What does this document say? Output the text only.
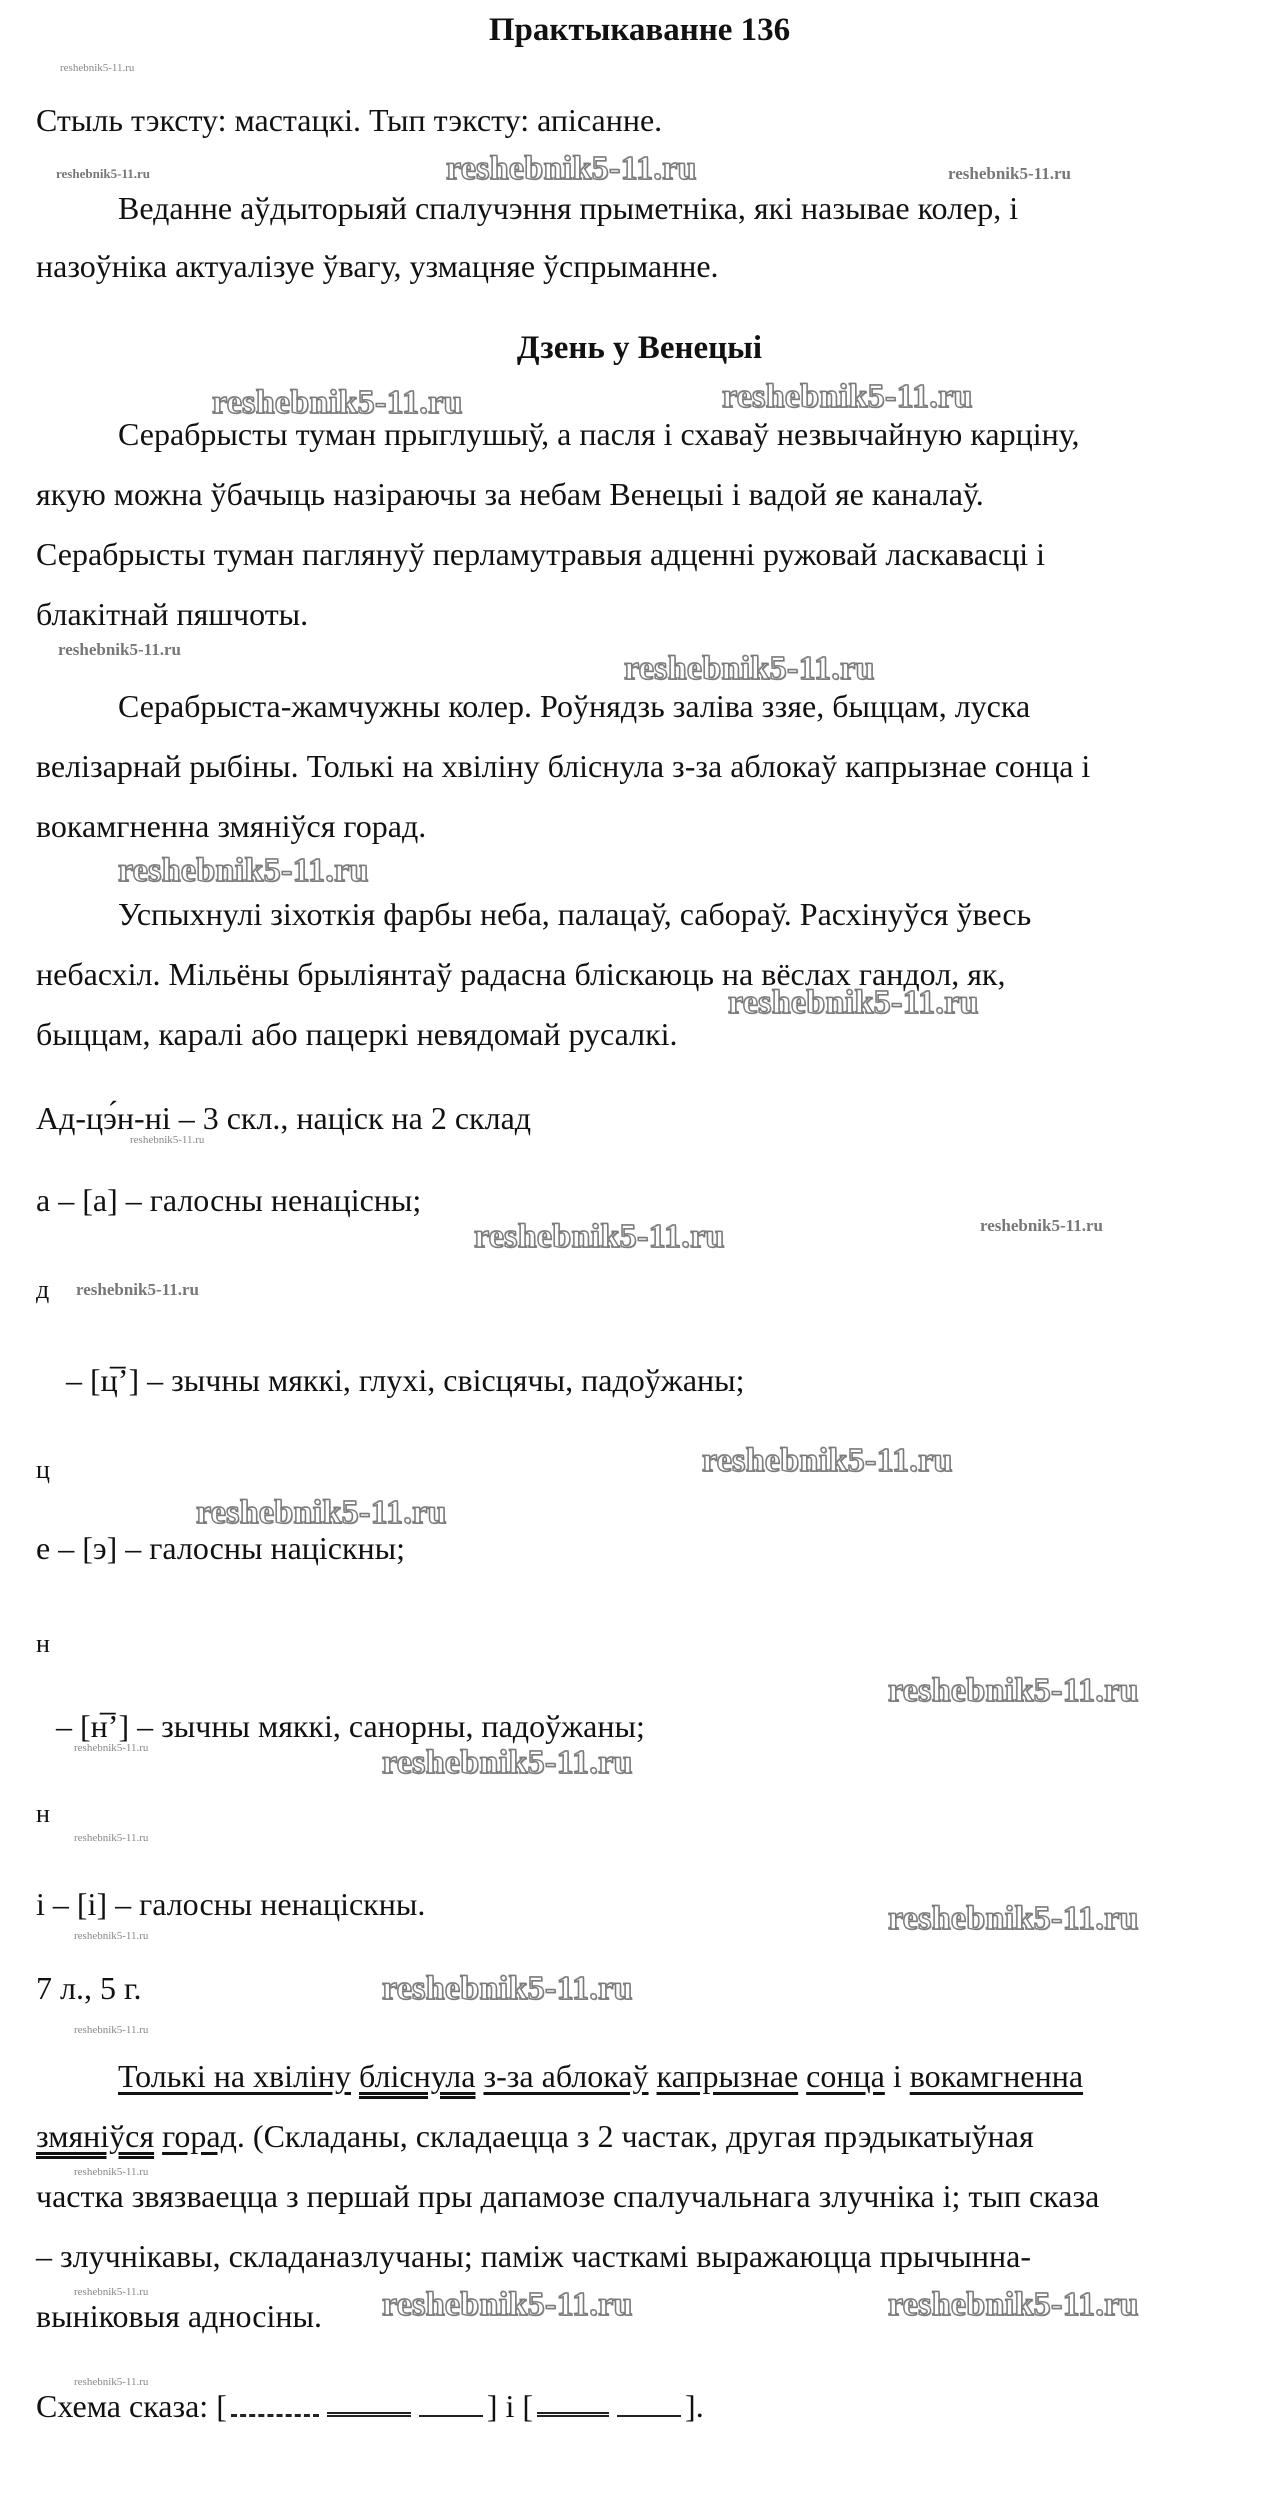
Практыкаванне 136
Стыль тэксту: мастацкі. Тып тэксту: апісанне.
Веданне аўдыторыяй спалучэння прыметніка, які называе колер, і
назоўніка актуалізуе ўвагу, узмацняе ўспрыманне.
Дзень у Венецыі
Серабрысты туман прыглушыў, а пасля і схаваў незвычайную карціну,
якую можна ўбачыць назіраючы за небам Венецыі і вадой яе каналаў.
Серабрысты туман паглянуў перламутравыя адценні ружовай ласкавасці і
блакітнай пяшчоты.
Серабрыста-жамчужны колер. Роўнядзь заліва ззяе, быццам, луска
велізарнай рыбіны. Толькі на хвіліну бліснула з-за аблокаў капрызнае сонца і
вокамгненна змяніўся горад.
Успыхнулі зіхоткія фарбы неба, палацаў, сабораў. Расхінуўся ўвесь
небасхіл. Мільёны брыліянтаў радасна бліскаюць на вёслах гандол, як,
быццам, каралі або пацеркі невядомай русалкі.
Ад-цэ́н-ні – 3 скл., націск на 2 склад
а – [а] – галосны ненаціcны;
д
– [ц̅’] – зычны мяккі, глухі, свісцячы, падоўжаны;
ц
е – [э] – галосны націскны;
н
– [н̅’] – зычны мяккі, санорны, падоўжаны;
н
і – [і] – галосны ненаціскны.
7 л., 5 г.
Толькі на хвіліну бліснула з-за аблокаў капрызнае сонца і вокамгненна
змяніўся горад. (Складаны, складаецца з 2 частак, другая прэдыкатыўная
частка звязваецца з першай пры дапамозе спалучальнага злучніка і; тып сказа
– злучнікавы, складаназлучаны; паміж часткамі выражаюцца прычынна-
выніковыя адносіны.
Схема сказа: [	] і [	].
reshebnik5-11.ru
reshebnik5-11.ru	reshebnik5-11.ru	reshebnik5-11.ru
reshebnik5-11.ru	reshebnik5-11.ru
reshebnik5-11.ru
reshebnik5-11.ru
reshebnik5-11.ru
reshebnik5-11.ru
reshebnik5-11.ru
reshebnik5-11.ru	reshebnik5-11.ru
reshebnik5-11.ru
reshebnik5-11.ru
reshebnik5-11.ru
reshebnik5-11.ru
reshebnik5-11.ru	reshebnik5-11.ru
reshebnik5-11.ru
reshebnik5-11.ru
reshebnik5-11.ru
reshebnik5-11.ru
reshebnik5-11.ru
reshebnik5-11.ru
reshebnik5-11.ru	reshebnik5-11.ru	reshebnik5-11.ru
reshebnik5-11.ru
